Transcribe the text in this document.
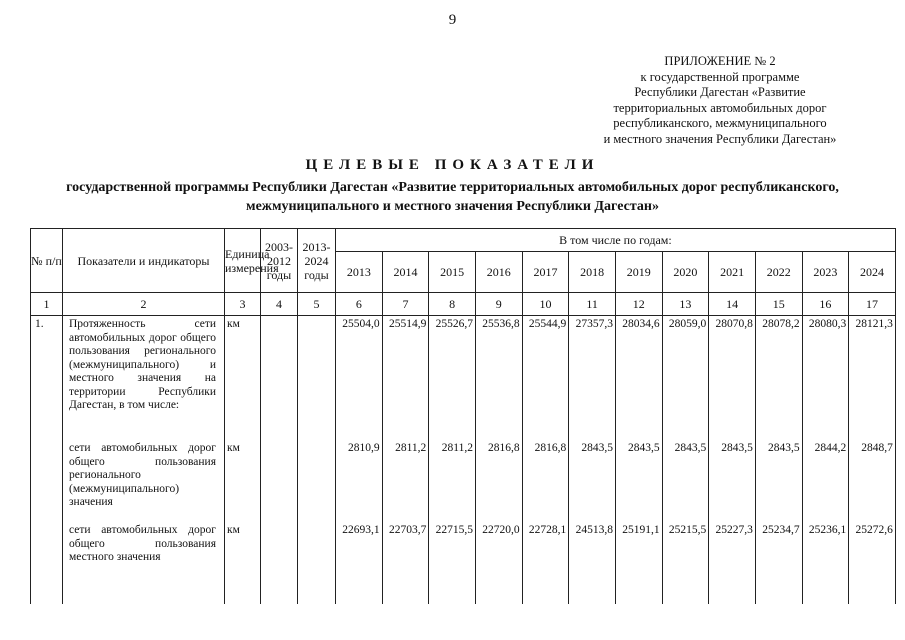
9
ПРИЛОЖЕНИЕ № 2
к государственной программе
Республики Дагестан «Развитие
территориальных автомобильных дорог
республиканского, межмуниципального
и местного значения Республики Дагестан»
ЦЕЛЕВЫЕ ПОКАЗАТЕЛИ
государственной программы Республики Дагестан «Развитие территориальных автомобильных дорог республиканского, межмуниципального и местного значения Республики Дагестан»
№ п/п	Показатели и индикаторы	Единица измерения	2003-2012 годы	2013-2024 годы	В том числе по годам:											
					2013	2014	2015	2016	2017	2018	2019	2020	2021	2022	2023	2024
1	2	3	4	5	6	7	8	9	10	11	12	13	14	15	16	17
1.	Протяженность сети автомобильных дорог общего пользования регионального (межмуниципального) и местного значения на территории Республики Дагестан, в том числе:	км			25504,0	25514,9	25526,7	25536,8	25544,9	27357,3	28034,6	28059,0	28070,8	28078,2	28080,3	28121,3
	сети автомобильных дорог общего пользования регионального (межмуниципального) значения	км			2810,9	2811,2	2811,2	2816,8	2816,8	2843,5	2843,5	2843,5	2843,5	2843,5	2844,2	2848,7
	сети автомобильных дорог общего пользования местного значения	км			22693,1	22703,7	22715,5	22720,0	22728,1	24513,8	25191,1	25215,5	25227,3	25234,7	25236,1	25272,6
